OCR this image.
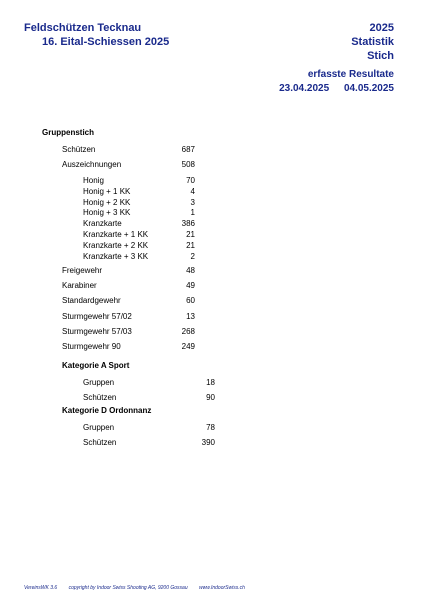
Feldschützen Tecknau
16. Eital-Schiessen 2025
2025
Statistik
Stich
erfasste Resultate
23.04.2025 04.05.2025
Gruppenstich
Schützen	687
Auszeichnungen	508
Honig	70
Honig + 1 KK	4
Honig + 2 KK	3
Honig + 3 KK	1
Kranzkarte	386
Kranzkarte + 1 KK	21
Kranzkarte + 2 KK	21
Kranzkarte + 3 KK	2
Freigewehr	48
Karabiner	49
Standardgewehr	60
Sturmgewehr 57/02	13
Sturmgewehr 57/03	268
Sturmgewehr 90	249
Kategorie A Sport
Gruppen	18
Schützen	90
Kategorie D Ordonnanz
Gruppen	78
Schützen	390
VereinsWK 3.6 copyright by Indoor Swiss Shooting AG, 9200 Gossau www.IndoorSwiss.ch
